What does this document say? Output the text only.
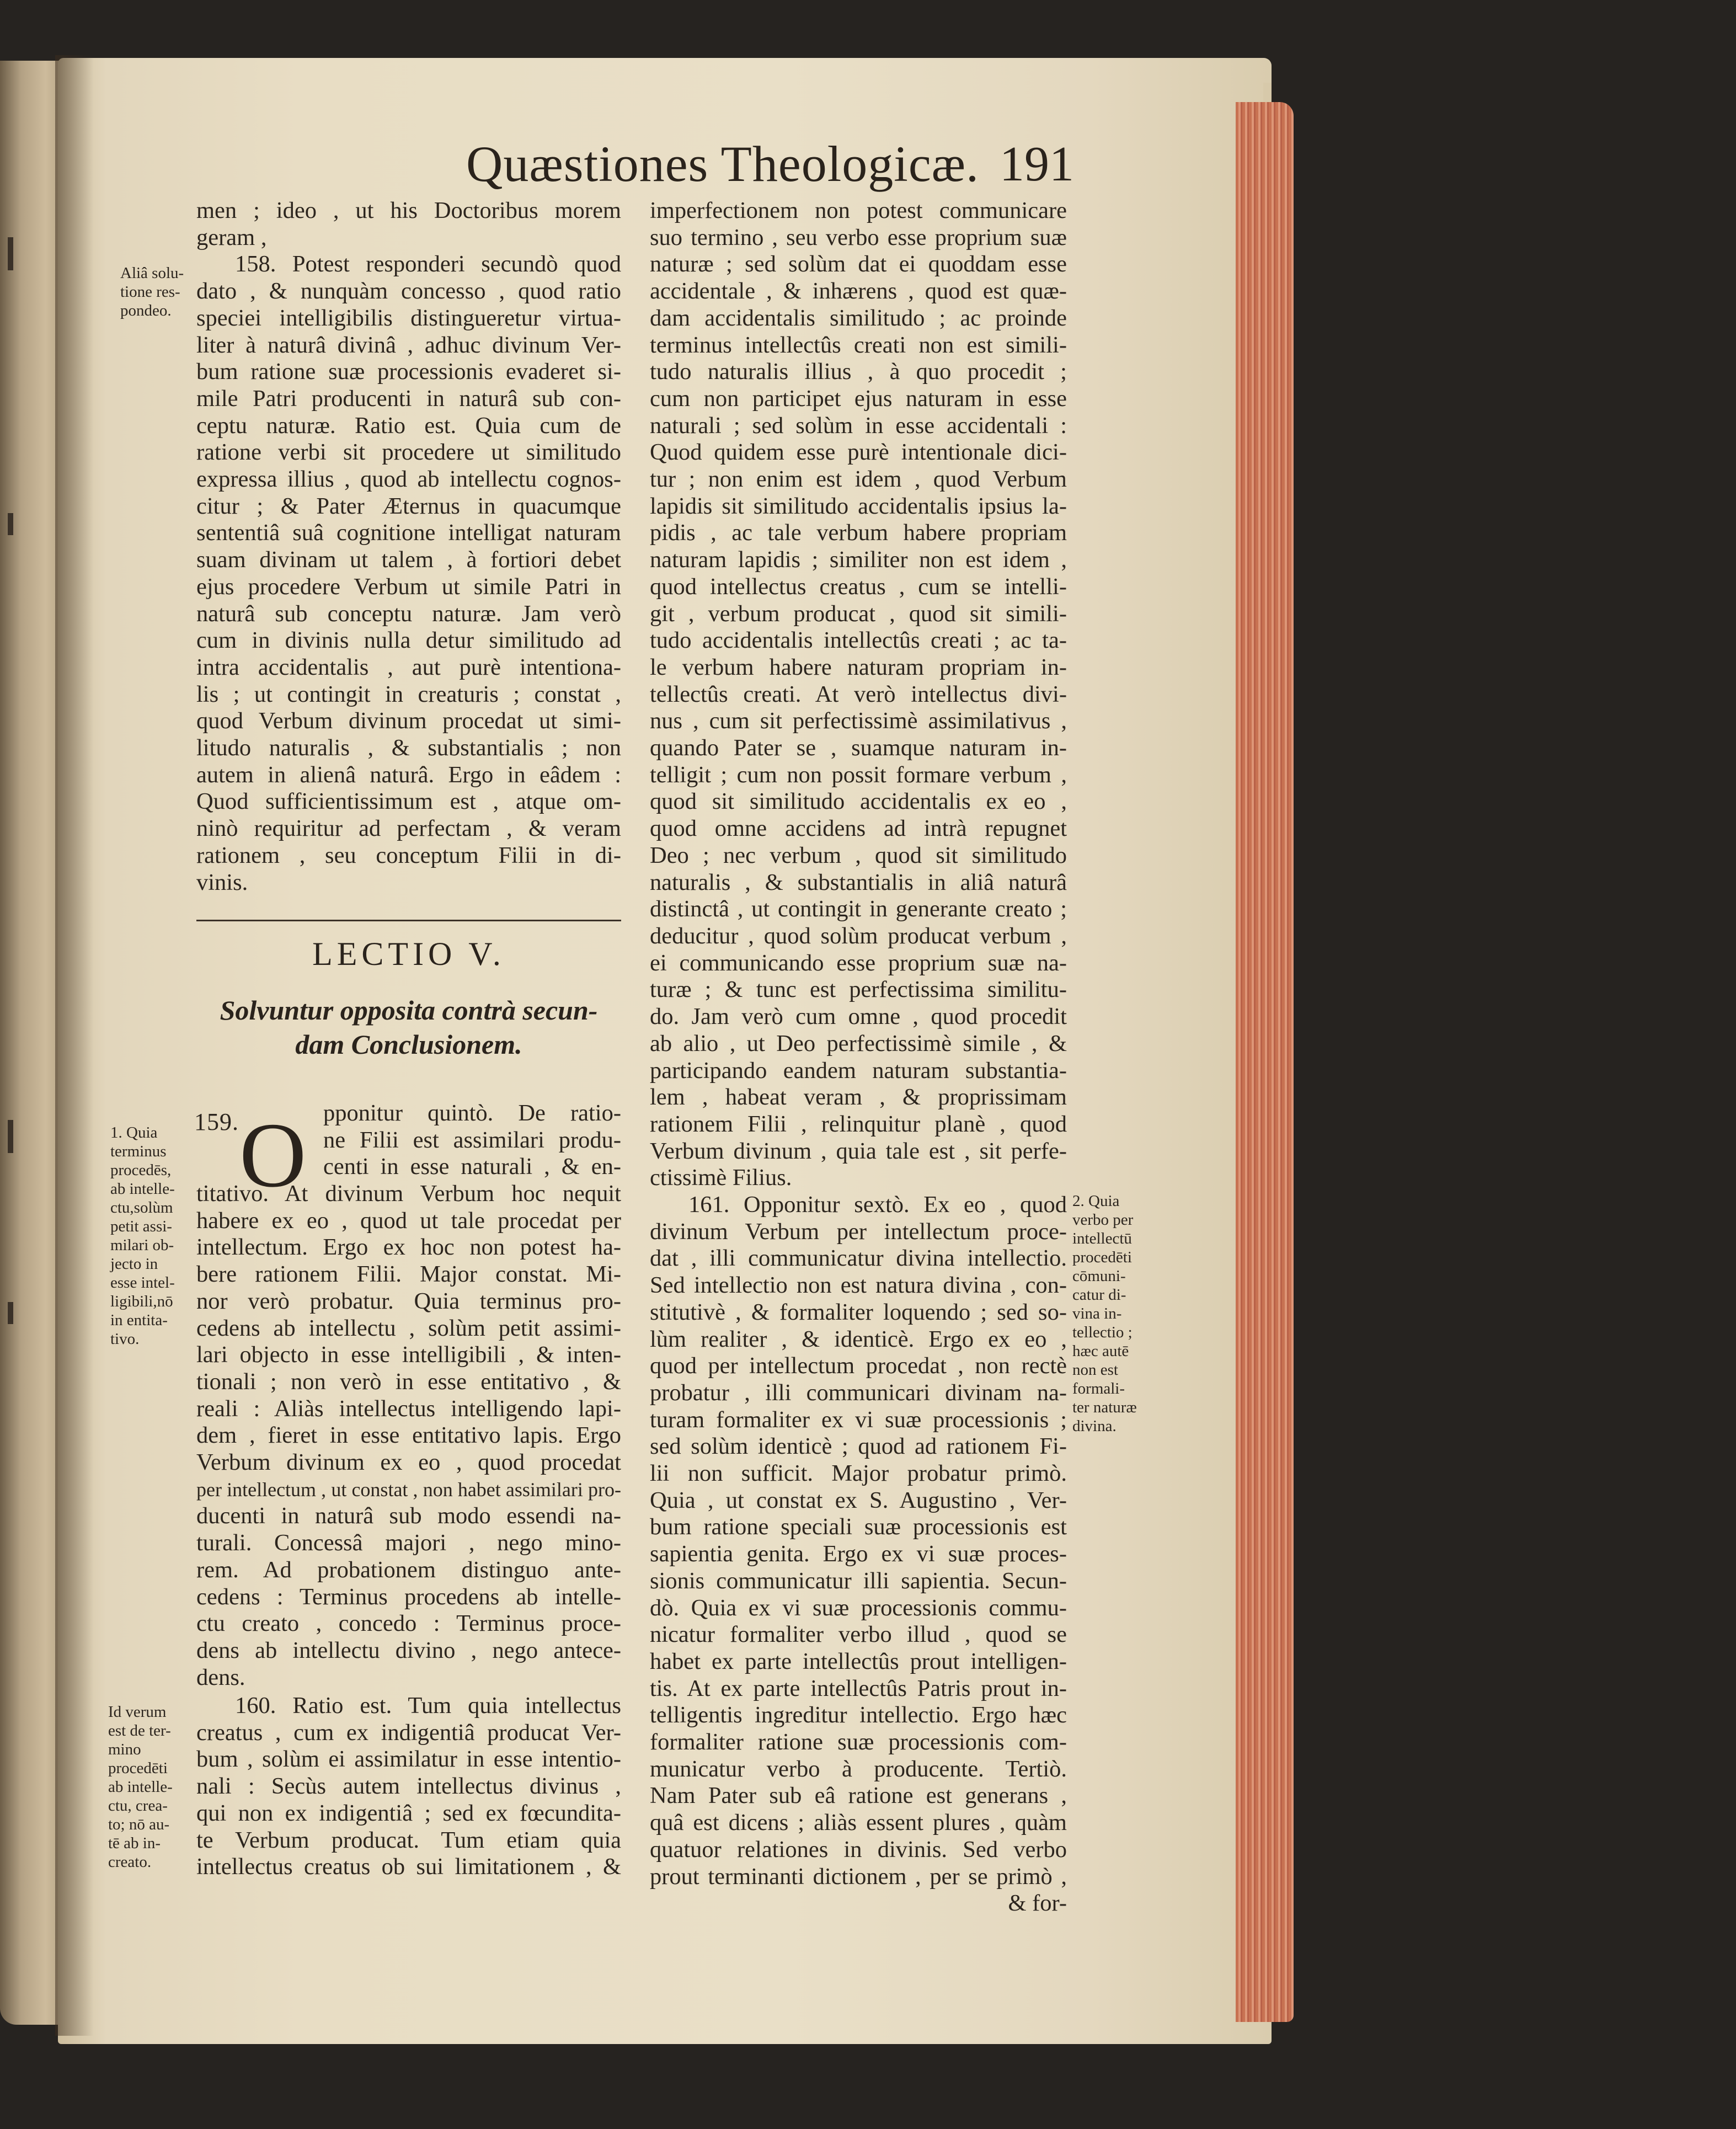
Quæstiones Theologicæ. 191
men ; ideo , ut his Doctoribus morem
geram ,
158. Potest responderi secundò quod
dato , & nunquàm concesso , quod ratio
speciei intelligibilis distingueretur virtua-
liter à naturâ divinâ , adhuc divinum Ver-
bum ratione suæ processionis evaderet si-
mile Patri producenti in naturâ sub con-
ceptu naturæ. Ratio est. Quia cum de
ratione verbi sit procedere ut similitudo
expressa illius , quod ab intellectu cognos-
citur ; & Pater Æternus in quacumque
sententiâ suâ cognitione intelligat naturam
suam divinam ut talem , à fortiori debet
ejus procedere Verbum ut simile Patri in
naturâ sub conceptu naturæ. Jam verò
cum in divinis nulla detur similitudo ad
intra accidentalis , aut purè intentiona-
lis ; ut contingit in creaturis ; constat ,
quod Verbum divinum procedat ut simi-
litudo naturalis , & substantialis ; non
autem in alienâ naturâ. Ergo in eâdem :
Quod sufficientissimum est , atque om-
ninò requiritur ad perfectam , & veram
rationem , seu conceptum Filii in di-
vinis.
LECTIO V.
Solvuntur opposita contrà secun-
dam Conclusionem.
159. O pponitur quintò. De ratio-
ne Filii est assimilari produ-
centi in esse naturali , & en-
titativo. At divinum Verbum hoc nequit
habere ex eo , quod ut tale procedat per
intellectum. Ergo ex hoc non potest ha-
bere rationem Filii. Major constat. Mi-
nor verò probatur. Quia terminus pro-
cedens ab intellectu , solùm petit assimi-
lari objecto in esse intelligibili , & inten-
tionali ; non verò in esse entitativo , &
reali : Aliàs intellectus intelligendo lapi-
dem , fieret in esse entitativo lapis. Ergo
Verbum divinum ex eo , quod procedat
per intellectum , ut constat , non habet assimilari pro-
ducenti in naturâ sub modo essendi na-
turali. Concessâ majori , nego mino-
rem. Ad probationem distinguo ante-
cedens : Terminus procedens ab intelle-
ctu creato , concedo : Terminus proce-
dens ab intellectu divino , nego antece-
dens.
160. Ratio est. Tum quia intellectus
creatus , cum ex indigentiâ producat Ver-
bum , solùm ei assimilatur in esse intentio-
nali : Secùs autem intellectus divinus ,
qui non ex indigentiâ ; sed ex fœcundita-
te Verbum producat. Tum etiam quia
intellectus creatus ob sui limitationem , &
imperfectionem non potest communicare
suo termino , seu verbo esse proprium suæ
naturæ ; sed solùm dat ei quoddam esse
accidentale , & inhærens , quod est quæ-
dam accidentalis similitudo ; ac proinde
terminus intellectûs creati non est simili-
tudo naturalis illius , à quo procedit ;
cum non participet ejus naturam in esse
naturali ; sed solùm in esse accidentali :
Quod quidem esse purè intentionale dici-
tur ; non enim est idem , quod Verbum
lapidis sit similitudo accidentalis ipsius la-
pidis , ac tale verbum habere propriam
naturam lapidis ; similiter non est idem ,
quod intellectus creatus , cum se intelli-
git , verbum producat , quod sit simili-
tudo accidentalis intellectûs creati ; ac ta-
le verbum habere naturam propriam in-
tellectûs creati. At verò intellectus divi-
nus , cum sit perfectissimè assimilativus ,
quando Pater se , suamque naturam in-
telligit ; cum non possit formare verbum ,
quod sit similitudo accidentalis ex eo ,
quod omne accidens ad intrà repugnet
Deo ; nec verbum , quod sit similitudo
naturalis , & substantialis in aliâ naturâ
distinctâ , ut contingit in generante creato ;
deducitur , quod solùm producat verbum ,
ei communicando esse proprium suæ na-
turæ ; & tunc est perfectissima similitu-
do. Jam verò cum omne , quod procedit
ab alio , ut Deo perfectissimè simile , &
participando eandem naturam substantia-
lem , habeat veram , & proprissimam
rationem Filii , relinquitur planè , quod
Verbum divinum , quia tale est , sit perfe-
ctissimè Filius.
161. Opponitur sextò. Ex eo , quod
divinum Verbum per intellectum proce-
dat , illi communicatur divina intellectio.
Sed intellectio non est natura divina , con-
stitutivè , & formaliter loquendo ; sed so-
lùm realiter , & identicè. Ergo ex eo ,
quod per intellectum procedat , non rectè
probatur , illi communicari divinam na-
turam formaliter ex vi suæ processionis ;
sed solùm identicè ; quod ad rationem Fi-
lii non sufficit. Major probatur primò.
Quia , ut constat ex S. Augustino , Ver-
bum ratione speciali suæ processionis est
sapientia genita. Ergo ex vi suæ proces-
sionis communicatur illi sapientia. Secun-
dò. Quia ex vi suæ processionis commu-
nicatur formaliter verbo illud , quod se
habet ex parte intellectûs prout intelligen-
tis. At ex parte intellectûs Patris prout in-
telligentis ingreditur intellectio. Ergo hæc
formaliter ratione suæ processionis com-
municatur verbo à producente. Tertiò.
Nam Pater sub eâ ratione est generans ,
quâ est dicens ; aliàs essent plures , quàm
quatuor relationes in divinis. Sed verbo
prout terminanti dictionem , per se primò ,
& for-
Aliâ solu-
tione res-
pondeo.
1. Quia
terminus
procedēs,
ab intelle-
ctu,solùm
petit assi-
milari ob-
jecto in
esse intel-
ligibili,nō
in entita-
tivo.
Id verum
est de ter-
mino
procedēti
ab intelle-
ctu, crea-
to; nō au-
tē ab in-
creato.
2. Quia
verbo per
intellectū
procedēti
cōmuni-
catur di-
vina in-
tellectio ;
hæc autē
non est
formali-
ter naturæ
divina.
